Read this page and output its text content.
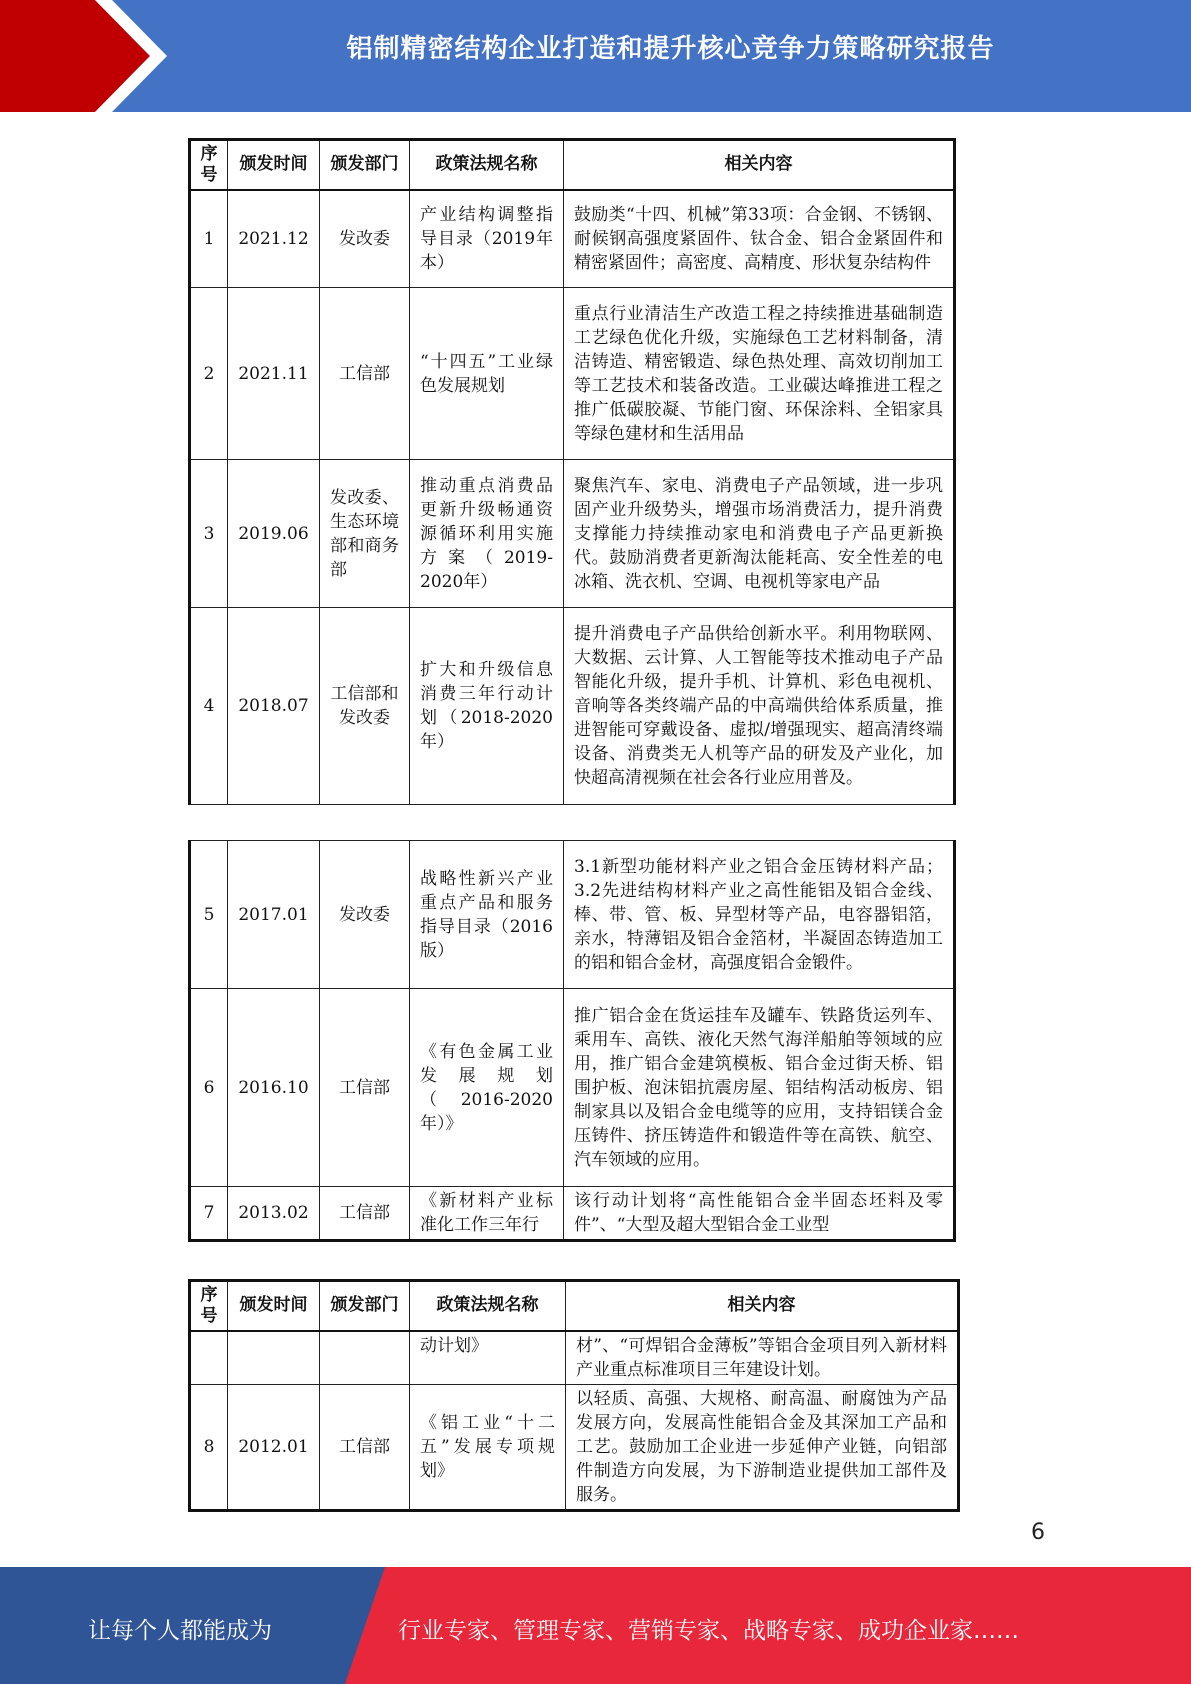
铝制精密结构企业打造和提升核心竞争力策略研究报告
序号	颁发时间	颁发部门	政策法规名称	相关内容
1	2021.12	发改委	产业结构调整指导目录（2019年本）	鼓励类“十四、机械”第33项：合金钢、不锈钢、耐候钢高强度紧固件、钛合金、铝合金紧固件和精密紧固件；高密度、高精度、形状复杂结构件
2	2021.11	工信部	“十四五”工业绿色发展规划	重点行业清洁生产改造工程之持续推进基础制造工艺绿色优化升级，实施绿色工艺材料制备，清洁铸造、精密锻造、绿色热处理、高效切削加工等工艺技术和装备改造。工业碳达峰推进工程之推广低碳胶凝、节能门窗、环保涂料、全铝家具等绿色建材和生活用品
3	2019.06	发改委、生态环境部和商务部	推动重点消费品更新升级畅通资源循环利用实施方案（2019-2020年）	聚焦汽车、家电、消费电子产品领域，进一步巩固产业升级势头，增强市场消费活力，提升消费支撑能力持续推动家电和消费电子产品更新换代。鼓励消费者更新淘汰能耗高、安全性差的电冰箱、洗衣机、空调、电视机等家电产品
4	2018.07	工信部和发改委	扩大和升级信息消费三年行动计划（2018-2020年）	提升消费电子产品供给创新水平。利用物联网、大数据、云计算、人工智能等技术推动电子产品智能化升级，提升手机、计算机、彩色电视机、音响等各类终端产品的中高端供给体系质量，推进智能可穿戴设备、虚拟/增强现实、超高清终端设备、消费类无人机等产品的研发及产业化，加快超高清视频在社会各行业应用普及。
5	2017.01	发改委	战略性新兴产业重点产品和服务指导目录（2016版）	3.1新型功能材料产业之铝合金压铸材料产品；3.2先进结构材料产业之高性能铝及铝合金线、棒、带、管、板、异型材等产品，电容器铝箔，亲水，特薄铝及铝合金箔材，半凝固态铸造加工的铝和铝合金材，高强度铝合金锻件。
6	2016.10	工信部	《有色金属工业发展规划（2016-2020年）》	推广铝合金在货运挂车及罐车、铁路货运列车、乘用车、高铁、液化天然气海洋船舶等领域的应用，推广铝合金建筑模板、铝合金过街天桥、铝围护板、泡沫铝抗震房屋、铝结构活动板房、铝制家具以及铝合金电缆等的应用，支持铝镁合金压铸件、挤压铸造件和锻造件等在高铁、航空、汽车领域的应用。
7	2013.02	工信部	《新材料产业标准化工作三年行	该行动计划将“高性能铝合金半固态坯料及零件”、“大型及超大型铝合金工业型
序号	颁发时间	颁发部门	政策法规名称	相关内容
			动计划》	材”、“可焊铝合金薄板”等铝合金项目列入新材料产业重点标准项目三年建设计划。
8	2012.01	工信部	《铝工业“十二五”发展专项规划》	以轻质、高强、大规格、耐高温、耐腐蚀为产品发展方向，发展高性能铝合金及其深加工产品和工艺。鼓励加工企业进一步延伸产业链，向铝部件制造方向发展，为下游制造业提供加工部件及服务。
6
让每个人都能成为	行业专家、管理专家、营销专家、战略专家、成功企业家……
